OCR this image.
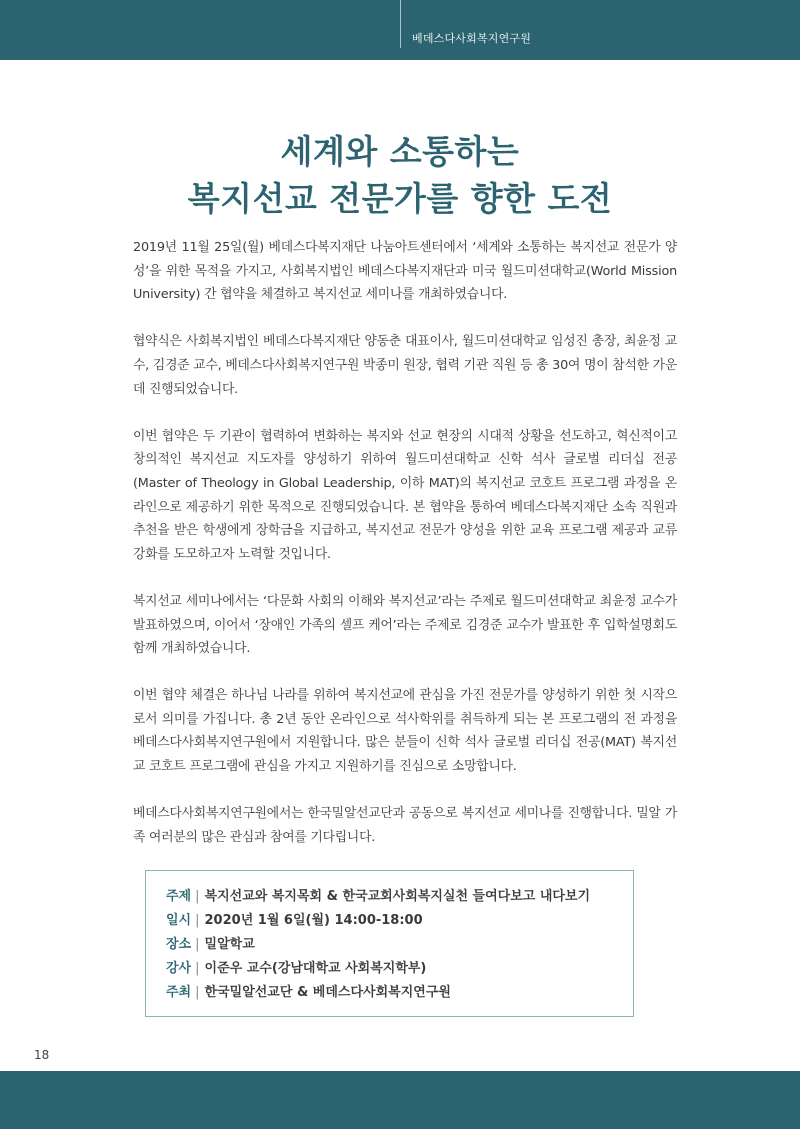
베데스다사회복지연구원
세계와 소통하는
복지선교 전문가를 향한 도전

2019년 11월 25일(월) 베데스다복지재단 나눔아트센터에서 ‘세계와 소통하는 복지선교 전문가 양성’을 위한 목적을 가지고, 사회복지법인 베데스다복지재단과 미국 월드미션대학교(World Mission University) 간 협약을 체결하고 복지선교 세미나를 개최하였습니다.

협약식은 사회복지법인 베데스다복지재단 양동춘 대표이사, 월드미션대학교 임성진 총장, 최윤정 교수, 김경준 교수, 베데스다사회복지연구원 박종미 원장, 협력 기관 직원 등 총 30여 명이 참석한 가운데 진행되었습니다.

이번 협약은 두 기관이 협력하여 변화하는 복지와 선교 현장의 시대적 상황을 선도하고, 혁신적이고 창의적인 복지선교 지도자를 양성하기 위하여 월드미션대학교 신학 석사 글로벌 리더십 전공(Master of Theology in Global Leadership, 이하 MAT)의 복지선교 코호트 프로그램 과정을 온라인으로 제공하기 위한 목적으로 진행되었습니다. 본 협약을 통하여 베데스다복지재단 소속 직원과 추천을 받은 학생에게 장학금을 지급하고, 복지선교 전문가 양성을 위한 교육 프로그램 제공과 교류 강화를 도모하고자 노력할 것입니다.

복지선교 세미나에서는 ‘다문화 사회의 이해와 복지선교’라는 주제로 월드미션대학교 최윤정 교수가 발표하였으며, 이어서 ‘장애인 가족의 셀프 케어’라는 주제로 김경준 교수가 발표한 후 입학설명회도 함께 개최하였습니다.

이번 협약 체결은 하나님 나라를 위하여 복지선교에 관심을 가진 전문가를 양성하기 위한 첫 시작으로서 의미를 가집니다. 총 2년 동안 온라인으로 석사학위를 취득하게 되는 본 프로그램의 전 과정을 베데스다사회복지연구원에서 지원합니다. 많은 분들이 신학 석사 글로벌 리더십 전공(MAT) 복지선교 코호트 프로그램에 관심을 가지고 지원하기를 진심으로 소망합니다.

베데스다사회복지연구원에서는 한국밀알선교단과 공동으로 복지선교 세미나를 진행합니다. 밀알 가족 여러분의 많은 관심과 참여를 기다립니다.

주제 | 복지선교와 복지목회 & 한국교회사회복지실천 들여다보고 내다보기
일시 | 2020년 1월 6일(월) 14:00-18:00
장소 | 밀알학교
강사 | 이준우 교수(강남대학교 사회복지학부)
주최 | 한국밀알선교단 & 베데스다사회복지연구원
18
